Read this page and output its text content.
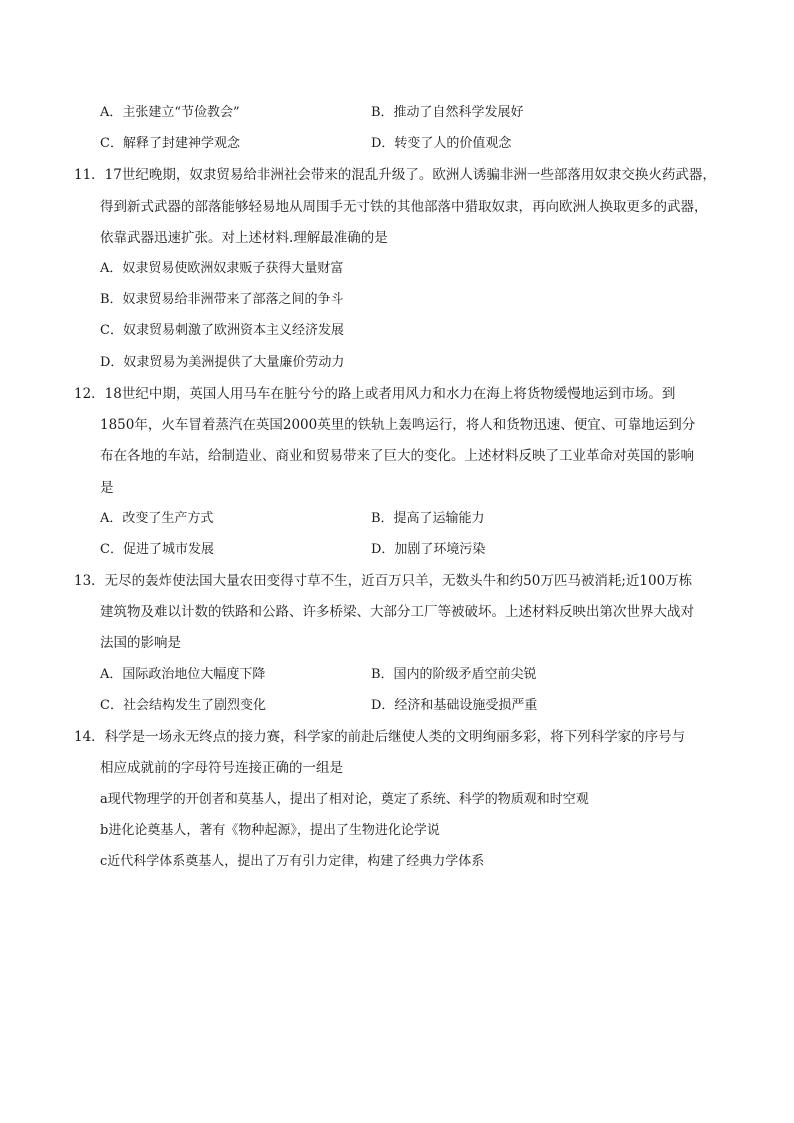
A．主张建立“节俭教会”	B．推动了自然科学发展好
C．解释了封建神学观念	D．转变了人的价值观念
11．17世纪晚期，奴隶贸易给非洲社会带来的混乱升级了。欧洲人诱骗非洲一些部落用奴隶交换火药武器，
得到新式武器的部落能够轻易地从周围手无寸铁的其他部落中猎取奴隶，再向欧洲人换取更多的武器，
依靠武器迅速扩张。对上述材料.理解最准确的是
A．奴隶贸易使欧洲奴隶贩子获得大量财富
B．奴隶贸易给非洲带来了部落之间的争斗
C．奴隶贸易刺激了欧洲资本主义经济发展
D．奴隶贸易为美洲提供了大量廉价劳动力
12．18世纪中期，英国人用马车在脏兮兮的路上或者用风力和水力在海上将货物缓慢地运到市场。到
1850年，火车冒着蒸汽在英国2000英里的铁轨上轰鸣运行，将人和货物迅速、便宜、可靠地运到分
布在各地的车站，给制造业、商业和贸易带来了巨大的变化。上述材料反映了工业革命对英国的影响
是
A．改变了生产方式	B．提高了运输能力
C．促进了城市发展	D．加剧了环境污染
13．无尽的轰炸使法国大量农田变得寸草不生，近百万只羊，无数头牛和约50万匹马被消耗;近100万栋
建筑物及难以计数的铁路和公路、许多桥梁、大部分工厂等被破坏。上述材料反映出第次世界大战对
法国的影响是
A．国际政治地位大幅度下降	B．国内的阶级矛盾空前尖锐
C．社会结构发生了剧烈变化	D．经济和基础设施受损严重
14．科学是一场永无终点的接力赛，科学家的前赴后继使人类的文明绚丽多彩，将下列科学家的序号与
相应成就前的字母符号连接正确的一组是
a现代物理学的开创者和莫基人，提出了相对论，奠定了系统、科学的物质观和时空观
b进化论奠基人，著有《物种起源》，提出了生物进化论学说
c近代科学体系奠基人，提出了万有引力定律，构建了经典力学体系
